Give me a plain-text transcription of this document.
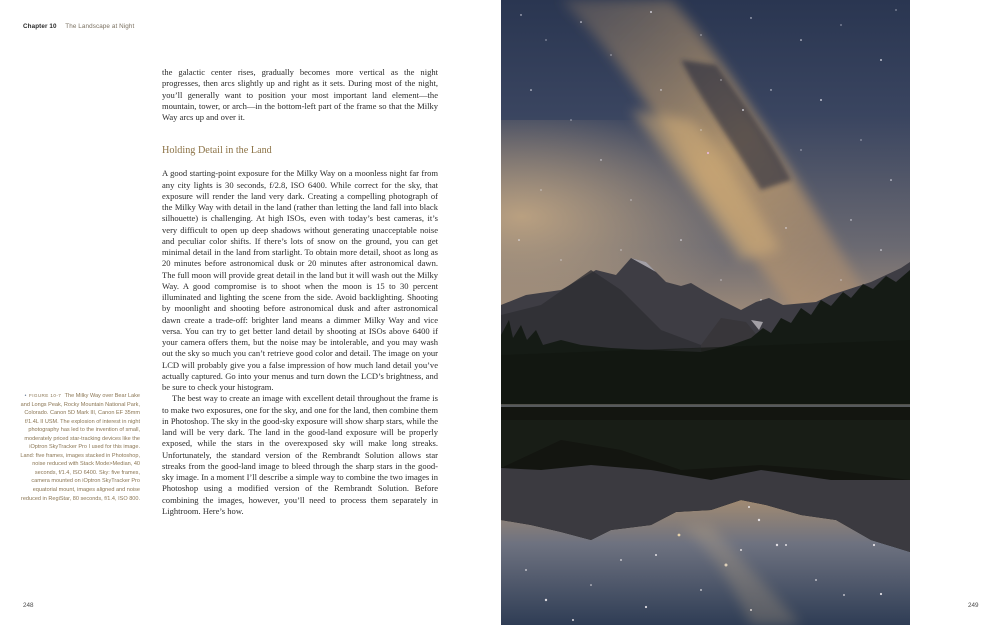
Chapter 10 The Landscape at Night

the galactic center rises, gradually becomes more vertical as the night progresses, then arcs slightly up and right as it sets. During most of the night, you’ll generally want to position your most important land element—the mountain, tower, or arch—in the bottom-left part of the frame so that the Milky Way arcs up and over it.

Holding Detail in the Land

A good starting-point exposure for the Milky Way on a moonless night far from any city lights is 30 seconds, f/2.8, ISO 6400. While correct for the sky, that exposure will render the land very dark. Creating a compelling photograph of the Milky Way with detail in the land (rather than letting the land fall into black silhouette) is challenging. At high ISOs, even with today’s best cameras, it’s very difficult to open up deep shadows without generating unacceptable noise and peculiar color shifts. If there’s lots of snow on the ground, you can get minimal detail in the land from starlight. To obtain more detail, shoot as long as 20 minutes before astronomical dusk or 20 minutes after astronomical dawn. The full moon will provide great detail in the land but it will wash out the Milky Way. A good compromise is to shoot when the moon is 15 to 30 percent illuminated and lighting the scene from the side. Avoid backlighting. Shooting by moonlight and shooting before astronomical dusk and after astronomical dawn create a trade-off: brighter land means a dimmer Milky Way and vice versa. You can try to get better land detail by shooting at ISOs above 6400 if your camera offers them, but the noise may be intolerable, and you may wash out the sky so much you can’t retrieve good color and detail. The image on your LCD will probably give you a false impression of how much land detail you’ve actually captured. Go into your menus and turn down the LCD’s brightness, and be sure to check your histogram.

The best way to create an image with excellent detail throughout the frame is to make two exposures, one for the sky, and one for the land, then combine them in Photoshop. The sky in the good-sky exposure will show sharp stars, while the land will be very dark. The land in the good-land exposure will be properly exposed, while the stars in the overexposed sky will make long streaks. Unfortunately, the standard version of the Rembrandt Solution allows star streaks from the good-land image to bleed through the sharp stars in the good-sky image. In a moment I’ll describe a simple way to combine the two images in Photoshop using a modified version of the Rembrandt Solution. Before combining the images, however, you’ll need to process them separately in Lightroom. Here’s how.

• FIGURE 10-7 The Milky Way over Bear Lake and Longs Peak, Rocky Mountain National Park, Colorado. Canon 5D Mark III, Canon EF 35mm f/1.4L II USM. The explosion of interest in night photography has led to the invention of small, moderately priced star-tracking devices like the iOptron SkyTracker Pro I used for this image. Land: five frames, images stacked in Photoshop, noise reduced with Stack Mode>Median, 40 seconds, f/1.4, ISO 6400. Sky: five frames, camera mounted on iOptron SkyTracker Pro equatorial mount, images aligned and noise reduced in RegiStar, 80 seconds, f/1.4, ISO 800.
248	249
